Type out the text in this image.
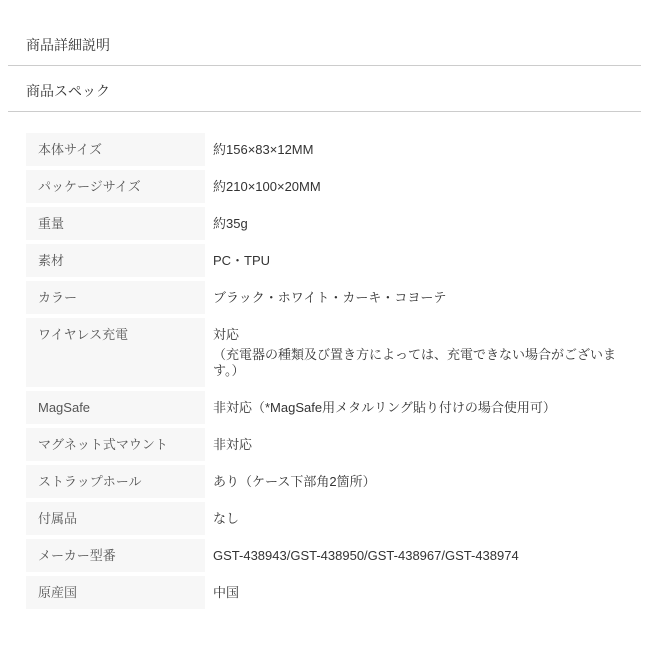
商品詳細説明
商品スペック
本体サイズ	約156×83×12MM
パッケージサイズ	約210×100×20MM
重量	約35g
素材	PC・TPU
カラー	ブラック・ホワイト・カーキ・コヨーテ
ワイヤレス充電	対応
（充電器の種類及び置き方によっては、充電できない場合がございます。）
MagSafe	非対応（*MagSafe用メタルリング貼り付けの場合使用可）
マグネット式マウント	非対応
ストラップホール	あり（ケース下部角2箇所）
付属品	なし
メーカー型番	GST-438943/GST-438950/GST-438967/GST-438974
原産国	中国
